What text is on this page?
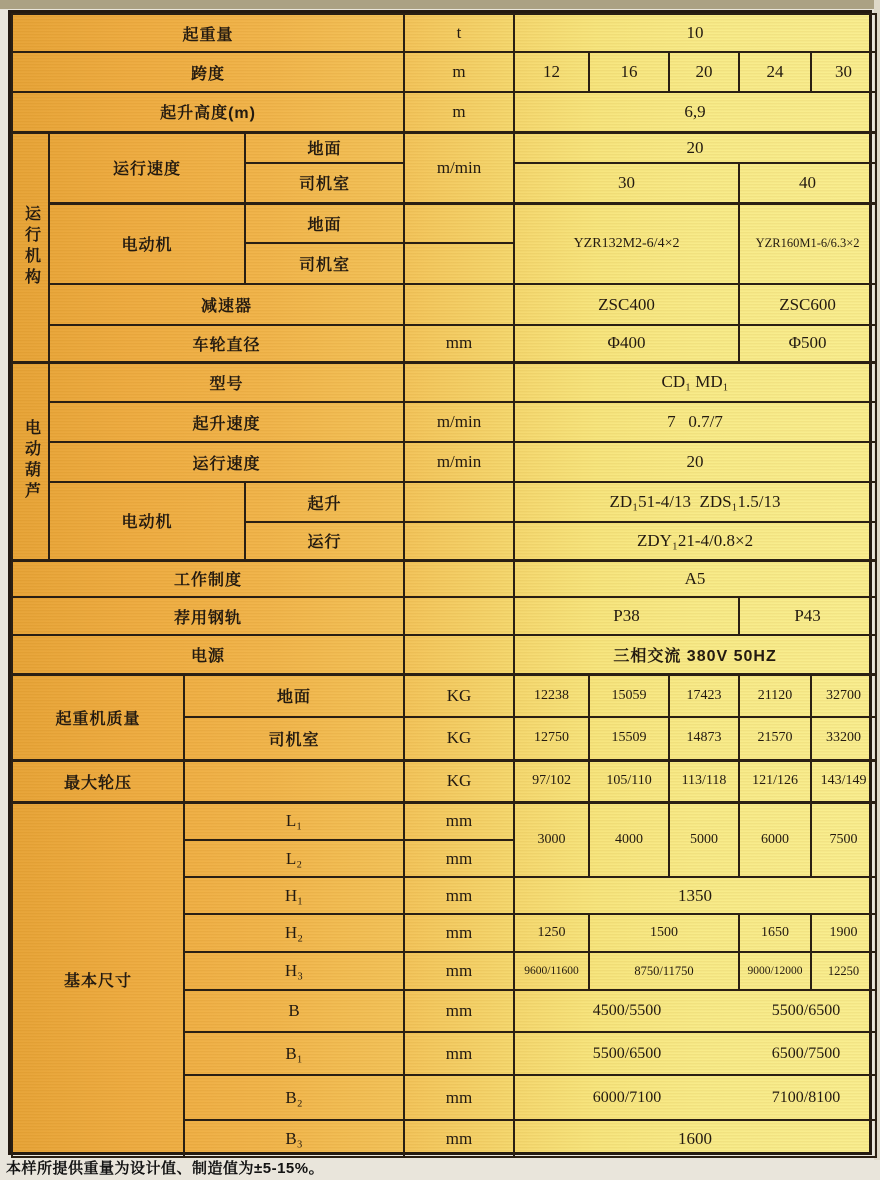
起重量				t	10				
跨度				m	12	16	20	24	30
起升高度(m)				m	6,9				

运行机构	运行速度		地面	m/min	20				
			司机室		30			40	
	电动机		地面		YZR132M2-6/4×2			YZR160M1-6/6.3×2	
			司机室						
	减速器				ZSC400			ZSC600	
	车轮直径			mm	Φ400			Φ500	

电动葫芦	型号				CD₁ MD₁				
	起升速度			m/min	7   0.7/7				
	运行速度			m/min	20				
	电动机		起升		ZD₁51-4/13  ZDS₁1.5/13				
			运行		ZDY₁21-4/0.8×2				
工作制度					A5				
荐用钢轨					P38			P43	
电源					三相交流 380V 50HZ				
起重机质量		地面		KG	12238	15059	17423	21120	32700
		司机室		KG	12750	15509	14873	21570	33200
最大轮压				KG	97/102	105/110	113/118	121/126	143/149
基本尺寸		L₁		mm	3000	4000	5000	6000	7500
		L₂		mm					
		H₁		mm	1350				
		H₂		mm	1250	1500		1650	1900
		H₃		mm	9600/11600	8750/11750		9000/12000	12250
		B		mm	4500/5500 5500/6500				

		B₁		mm	5500/6500 6500/7500				

		B₂		mm	6000/7100 7100/8100				

		B₃		mm	1600				
本样所提供重量为设计值、制造值为±5-15%。
